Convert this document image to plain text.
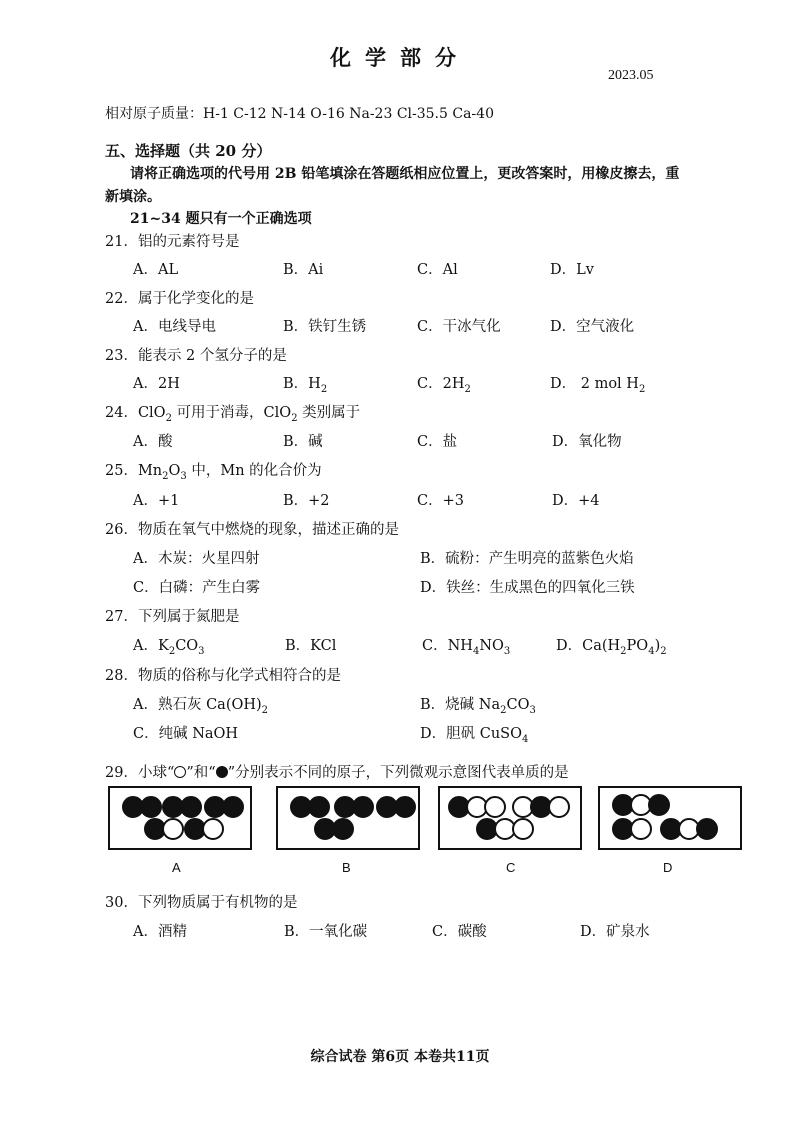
化学部分
2023.05
相对原子质量：H-1 C-12 N-14 O-16 Na-23 Cl-35.5 Ca-40
五、选择题（共 20 分）
请将正确选项的代号用 2B 铅笔填涂在答题纸相应位置上，更改答案时，用橡皮擦去，重
新填涂。
21~34 题只有一个正确选项
21．铝的元素符号是
A．AL	B．Ai	C．Al	D．Lv
22．属于化学变化的是
A．电线导电	B．铁钉生锈	C．干冰气化	D．空气液化
23．能表示 2 个氢分子的是
A．2H	B．$H_2$	C．$2H_2$	D． 2 mol $H_2$
24．ClO$_2$ 可用于消毒，ClO$_2$ 类别属于
A．酸	B．碱	C．盐	D．氧化物
25．$Mn_2O_3$ 中，Mn 的化合价为
A．+1	B．+2	C．+3	D．+4
26．物质在氧气中燃烧的现象，描述正确的是
A．木炭：火星四射	B．硫粉：产生明亮的蓝紫色火焰
C．白磷：产生白雾	D．铁丝：生成黑色的四氧化三铁
27．下列属于氮肥是
A．$K_2CO_3$	B．KCl	C．$NH_4NO_3$	D．$Ca(H_2PO_4)_2$
28．物质的俗称与化学式相符合的是
A．熟石灰 $Ca(OH)_2$	B．烧碱 $Na_2CO_3$
C．纯碱 NaOH	D．胆矾 CuSO$_4$
29．小球“ ”和“ ”分别表示不同的原子，下列微观示意图代表单质的是
A	B	C	D
30．下列物质属于有机物的是
A．酒精	B．一氧化碳	C．碳酸	D．矿泉水
综合试卷 第6页 本卷共11页
